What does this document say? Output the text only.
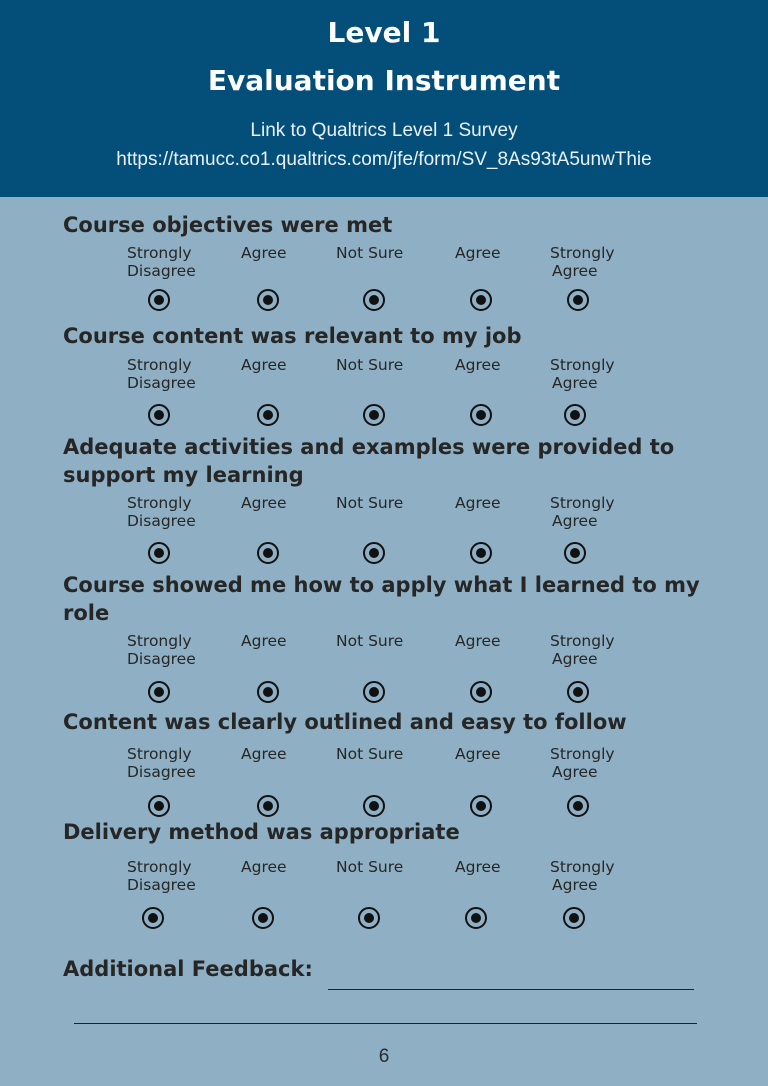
Level 1
Evaluation Instrument
Link to Qualtrics Level 1 Survey
https://tamucc.co1.qualtrics.com/jfe/form/SV_8As93tA5unwThie
Course objectives were met
Strongly
Disagree
Agree	Not Sure	Agree	Strongly
Agree
Course content was relevant to my job
Strongly
Disagree
Agree	Not Sure	Agree	Strongly
Agree
Adequate activities and examples were provided to support my learning
Strongly
Disagree
Agree	Not Sure	Agree	Strongly
Agree
Course showed me how to apply what I learned to my role
Strongly
Disagree
Agree	Not Sure	Agree	Strongly
Agree
Content was clearly outlined and easy to follow
Strongly
Disagree
Agree	Not Sure	Agree	Strongly
Agree
Delivery method was appropriate
Strongly
Disagree
Agree	Not Sure	Agree	Strongly
Agree
Additional Feedback:
6
